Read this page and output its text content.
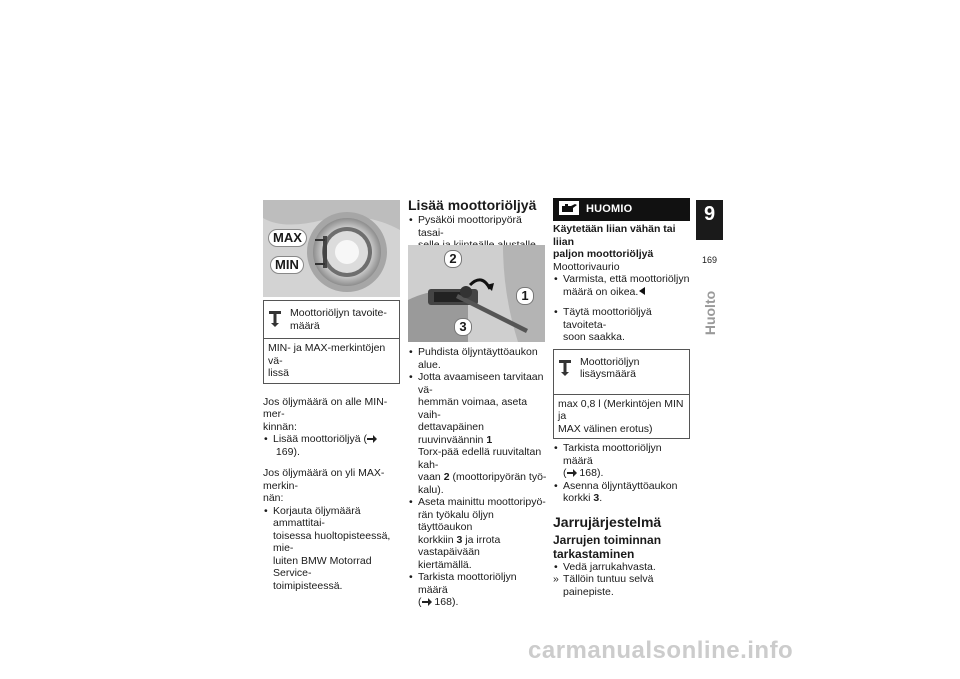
MAX
MIN
Moottoriöljyn tavoite-
määrä
MIN- ja MAX-merkintöjen vä-
lissä
Jos öljymäärä on alle MIN-mer-
kinnän:
• Lisää moottoriöljyä (
169).
Jos öljymäärä on yli MAX-merkin-
nän:
• Korjauta öljymäärä ammattitai-
toisessa huoltopisteessä, mie-
luiten BMW Motorrad Service-
toimipisteessä.
Lisää moottoriöljyä
• Pysäköi moottoripyörä tasai-
2
1
3
• Puhdista öljyntäyttöaukon alue.
• Jotta avaamiseen tarvitaan vä-
hemmän voimaa, aseta vaih-
dettavapäinen ruuvinväännin 1
Torx-pää edellä ruuvitaltan kah-
vaan 2 (moottoripyörän työ-
kalu).
• Aseta mainittu moottoripyö-
rän työkalu öljyn täyttöaukon
korkkiin 3 ja irrota vastapäivään
kiertämällä.
• Tarkista moottoriöljyn määrä
( 168).
HUOMIO
Käytetään liian vähän tai liian
paljon moottoriöljyä
Moottorivaurio
• Varmista, että moottoriöljyn
määrä on oikea.
• Täytä moottoriöljyä tavoiteta-
soon saakka.
Moottoriöljyn lisäysmäärä
max 0,8 l (Merkintöjen MIN ja
MAX välinen erotus)
• Tarkista moottoriöljyn määrä
( 168).
• Asenna öljyntäyttöaukon
korkki 3.
Jarrujärjestelmä
Jarrujen toiminnan
tarkastaminen
• Vedä jarrukahvasta.
» Tällöin tuntuu selvä painepiste.
9
169
Huolto
carmanualsonline.info
